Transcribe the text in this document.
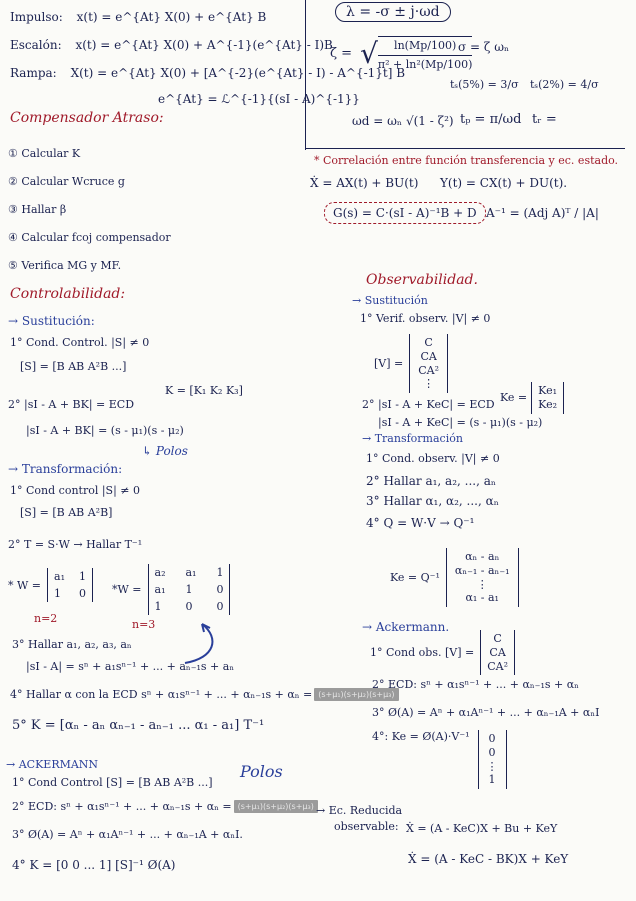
Impulso: x(t) = e^{At} X(0) + e^{At} B
Escalón: x(t) = e^{At} X(0) + A^{-1}(e^{At} - I)B
Rampa: X(t) = e^{At} X(0) + [A^{-2}(e^{At} - I) - A^{-1}t] B
e^{At} = ℒ^{-1}{(sI - A)^{-1}}
Compensador Atraso:
① Calcular K
② Calcular Wcruce g
③ Hallar β
④ Calcular fcoj compensador
⑤ Verifica MG y MF.
Controlabilidad:
→ Sustitución:
1° Cond. Control. |S| ≠ 0
[S] = [B AB A²B ...]
K = [K₁ K₂ K₃]
2° |sI - A + BK| = ECD
|sI - A + BK| = (s - μ₁)(s - μ₂)
↳ Polos
→ Transformación:
1° Cond control |S| ≠ 0
[S] = [B AB A²B]
2° T = S·W → Hallar T⁻¹
* W =
a₁ 1
1	0
n=2
*W =
a₂ a₁ 1
a₁ 1	0
1	0	0
n=3
3° Hallar a₁, a₂, a₃, aₙ
|sI - A| = sⁿ + a₁sⁿ⁻¹ + ... + aₙ₋₁s + aₙ
4° Hallar α con la ECD sⁿ + α₁sⁿ⁻¹ + ... + αₙ₋₁s + αₙ = (s+μ₁)(s+μ₂)(s+μ₃)
5° K = [αₙ - aₙ αₙ₋₁ - aₙ₋₁ ... α₁ - a₁] T⁻¹
→ ACKERMANN	Polos
1° Cond Control [S] = [B AB A²B ...]
2° ECD: sⁿ + α₁sⁿ⁻¹ + ... + αₙ₋₁s + αₙ = (s+μ₁)(s+μ₂)(s+μ₃)
3° Ø(A) = Aⁿ + α₁Aⁿ⁻¹ + ... + αₙ₋₁A + αₙI.
4° K = [0 0 ... 1] [S]⁻¹ Ø(A)
λ = -σ ± j·ωd
ζ = √ ln(Mp/100)
π² + ln²(Mp/100)
σ = ζ ωₙ
tₛ(5%) = 3/σ tₛ(2%) = 4/σ
ωd = ωₙ √(1 - ζ²) tₚ = π/ωd tᵣ =
* Correlación entre función transferencia y ec. estado.
Ẋ = AX(t) + BU(t) Y(t) = CX(t) + DU(t).
G(s) = C·(sI - A)⁻¹B + D A⁻¹ = (Adj A)ᵀ / |A|
Observabilidad.
→ Sustitución
1° Verif. observ. |V| ≠ 0
[V] =
C
CA
CA²
⋮
Ke =
Ke₁
Ke₂
2° |sI - A + KeC| = ECD
|sI - A + KeC| = (s - μ₁)(s - μ₂)
→ Transformación
1° Cond. observ. |V| ≠ 0
2° Hallar a₁, a₂, ..., aₙ
3° Hallar α₁, α₂, ..., αₙ
4° Q = W·V → Q⁻¹
Ke = Q⁻¹
αₙ - aₙ
αₙ₋₁ - aₙ₋₁
⋮
α₁ - a₁
→ Ackermann.
1° Cond obs. [V] =
C
CA
CA²
2° ECD: sⁿ + α₁sⁿ⁻¹ + ... + αₙ₋₁s + αₙ
3° Ø(A) = Aⁿ + α₁Aⁿ⁻¹ + ... + αₙ₋₁A + αₙI
4°: Ke = Ø(A)·V⁻¹ 0
0
⋮
1
→ Ec. Reducida
observable: Ẋ = (A - KeC)X + Bu + KeY
Ẋ = (A - KeC - BK)X + KeY
